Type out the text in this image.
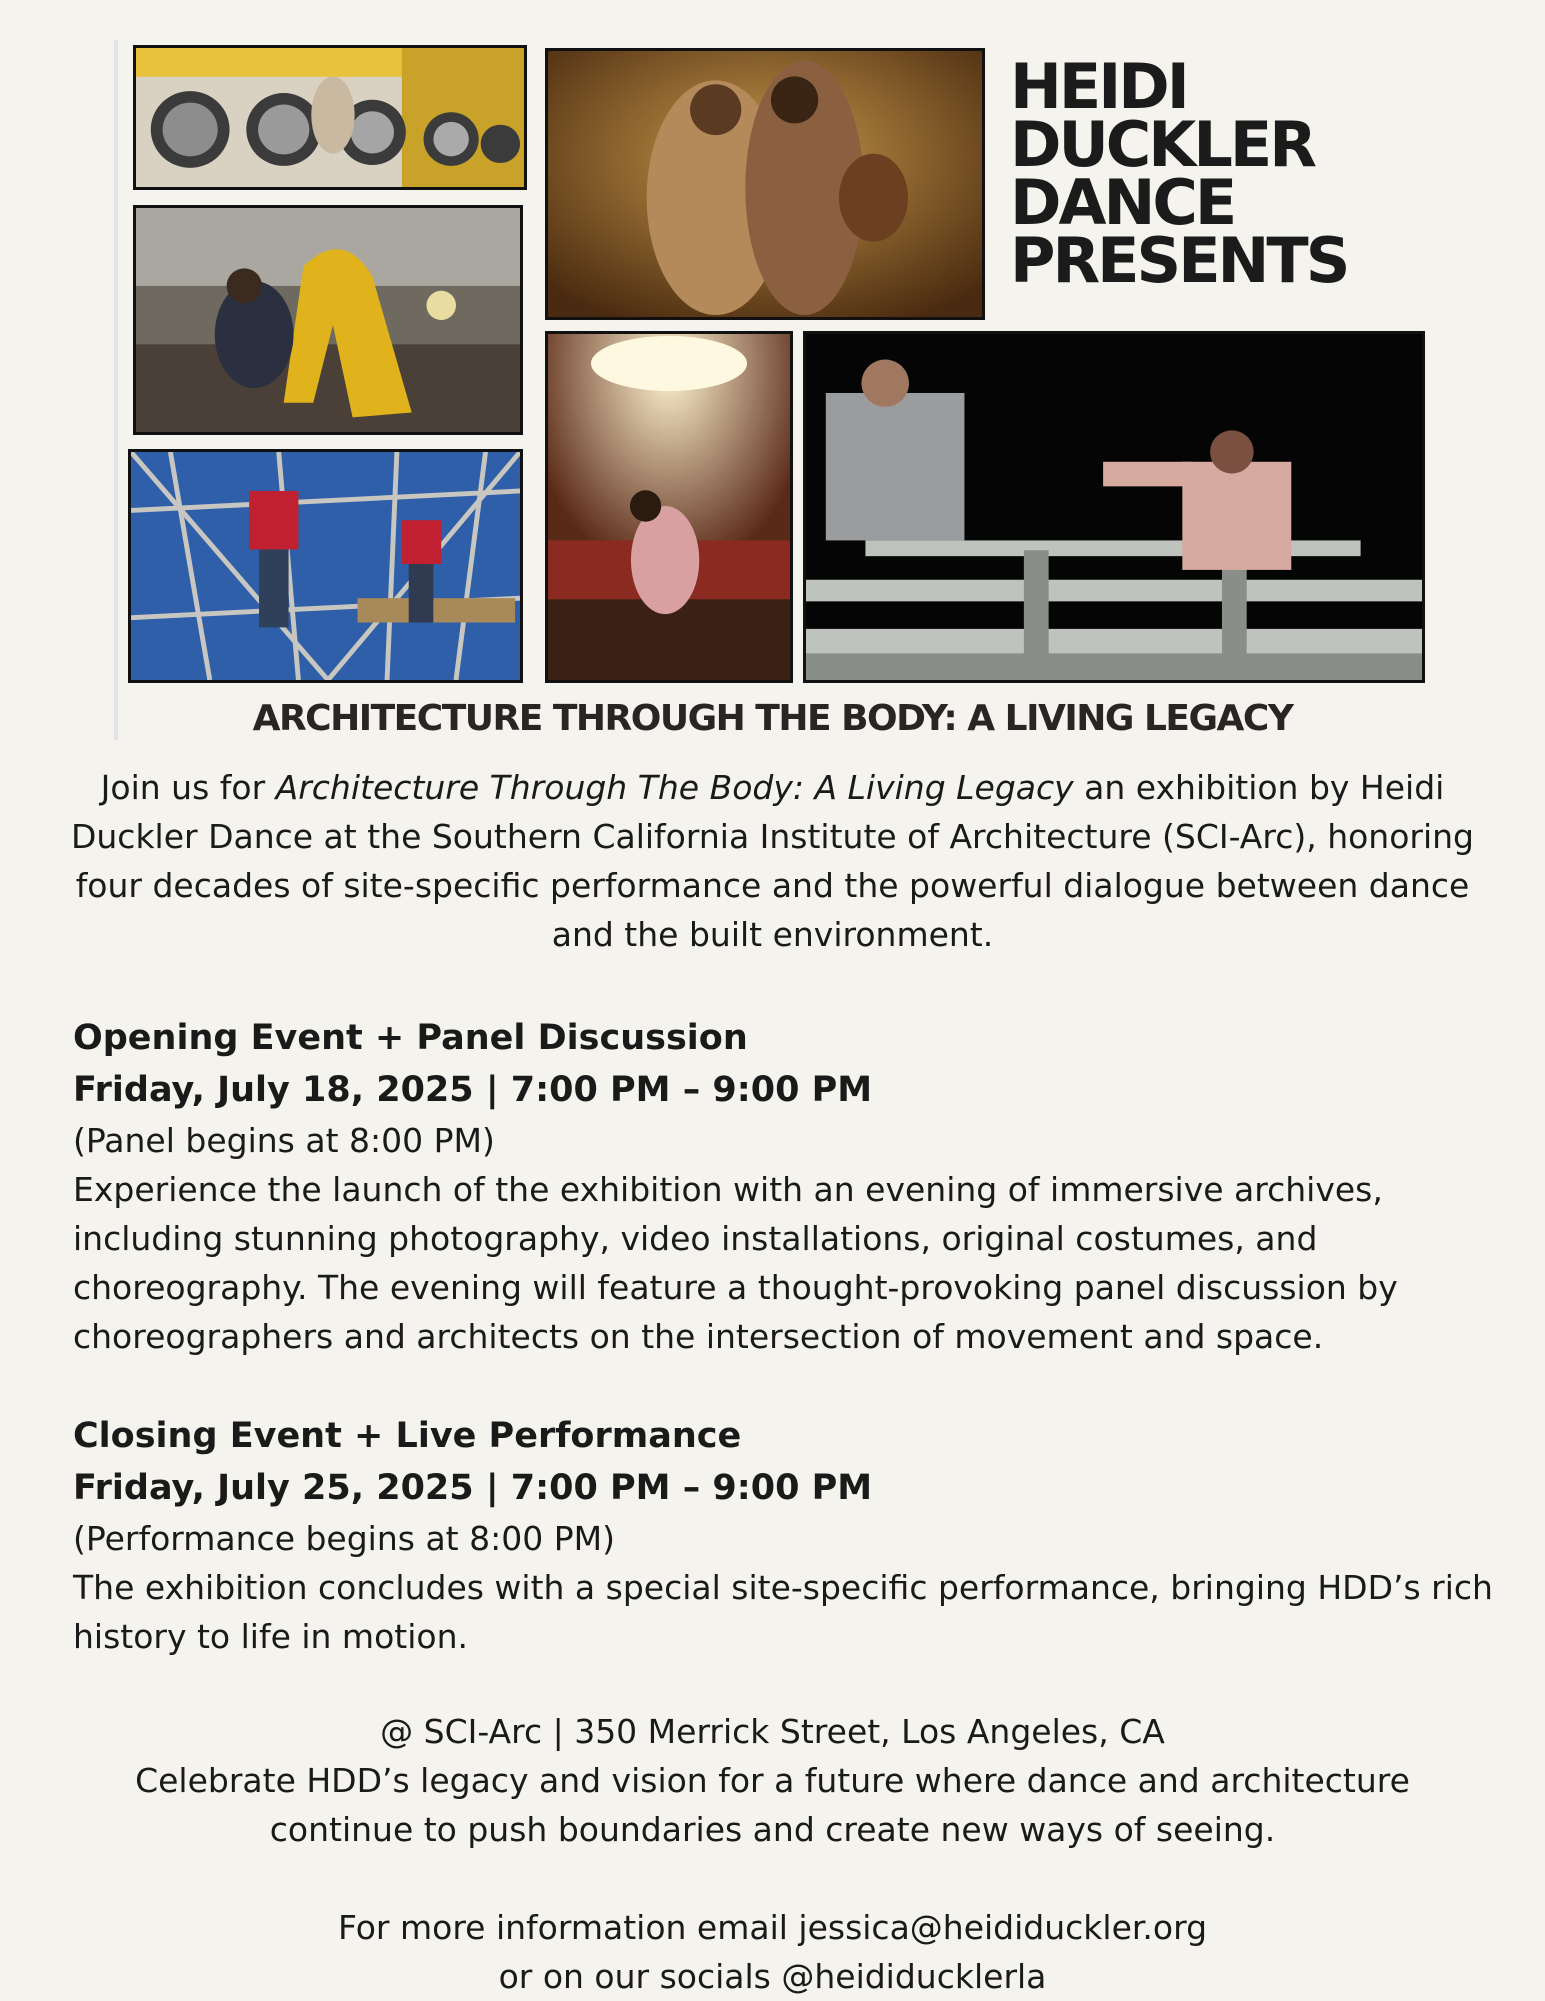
HEIDI
DUCKLER
DANCE
PRESENTS
ARCHITECTURE THROUGH THE BODY: A LIVING LEGACY
Join us for Architecture Through The Body: A Living Legacy an exhibition by Heidi Duckler Dance at the Southern California Institute of Architecture (SCI-Arc), honoring four decades of site-specific performance and the powerful dialogue between dance and the built environment.
Opening Event + Panel Discussion
Friday, July 18, 2025 | 7:00 PM – 9:00 PM
(Panel begins at 8:00 PM)
Experience the launch of the exhibition with an evening of immersive archives, including stunning photography, video installations, original costumes, and choreography. The evening will feature a thought-provoking panel discussion by choreographers and architects on the intersection of movement and space.
Closing Event + Live Performance
Friday, July 25, 2025 | 7:00 PM – 9:00 PM
(Performance begins at 8:00 PM)
The exhibition concludes with a special site-specific performance, bringing HDD’s rich history to life in motion.
@ SCI-Arc | 350 Merrick Street, Los Angeles, CA
Celebrate HDD’s legacy and vision for a future where dance and architecture continue to push boundaries and create new ways of seeing.
For more information email jessica@heididuckler.org
or on our socials @heididucklerla
